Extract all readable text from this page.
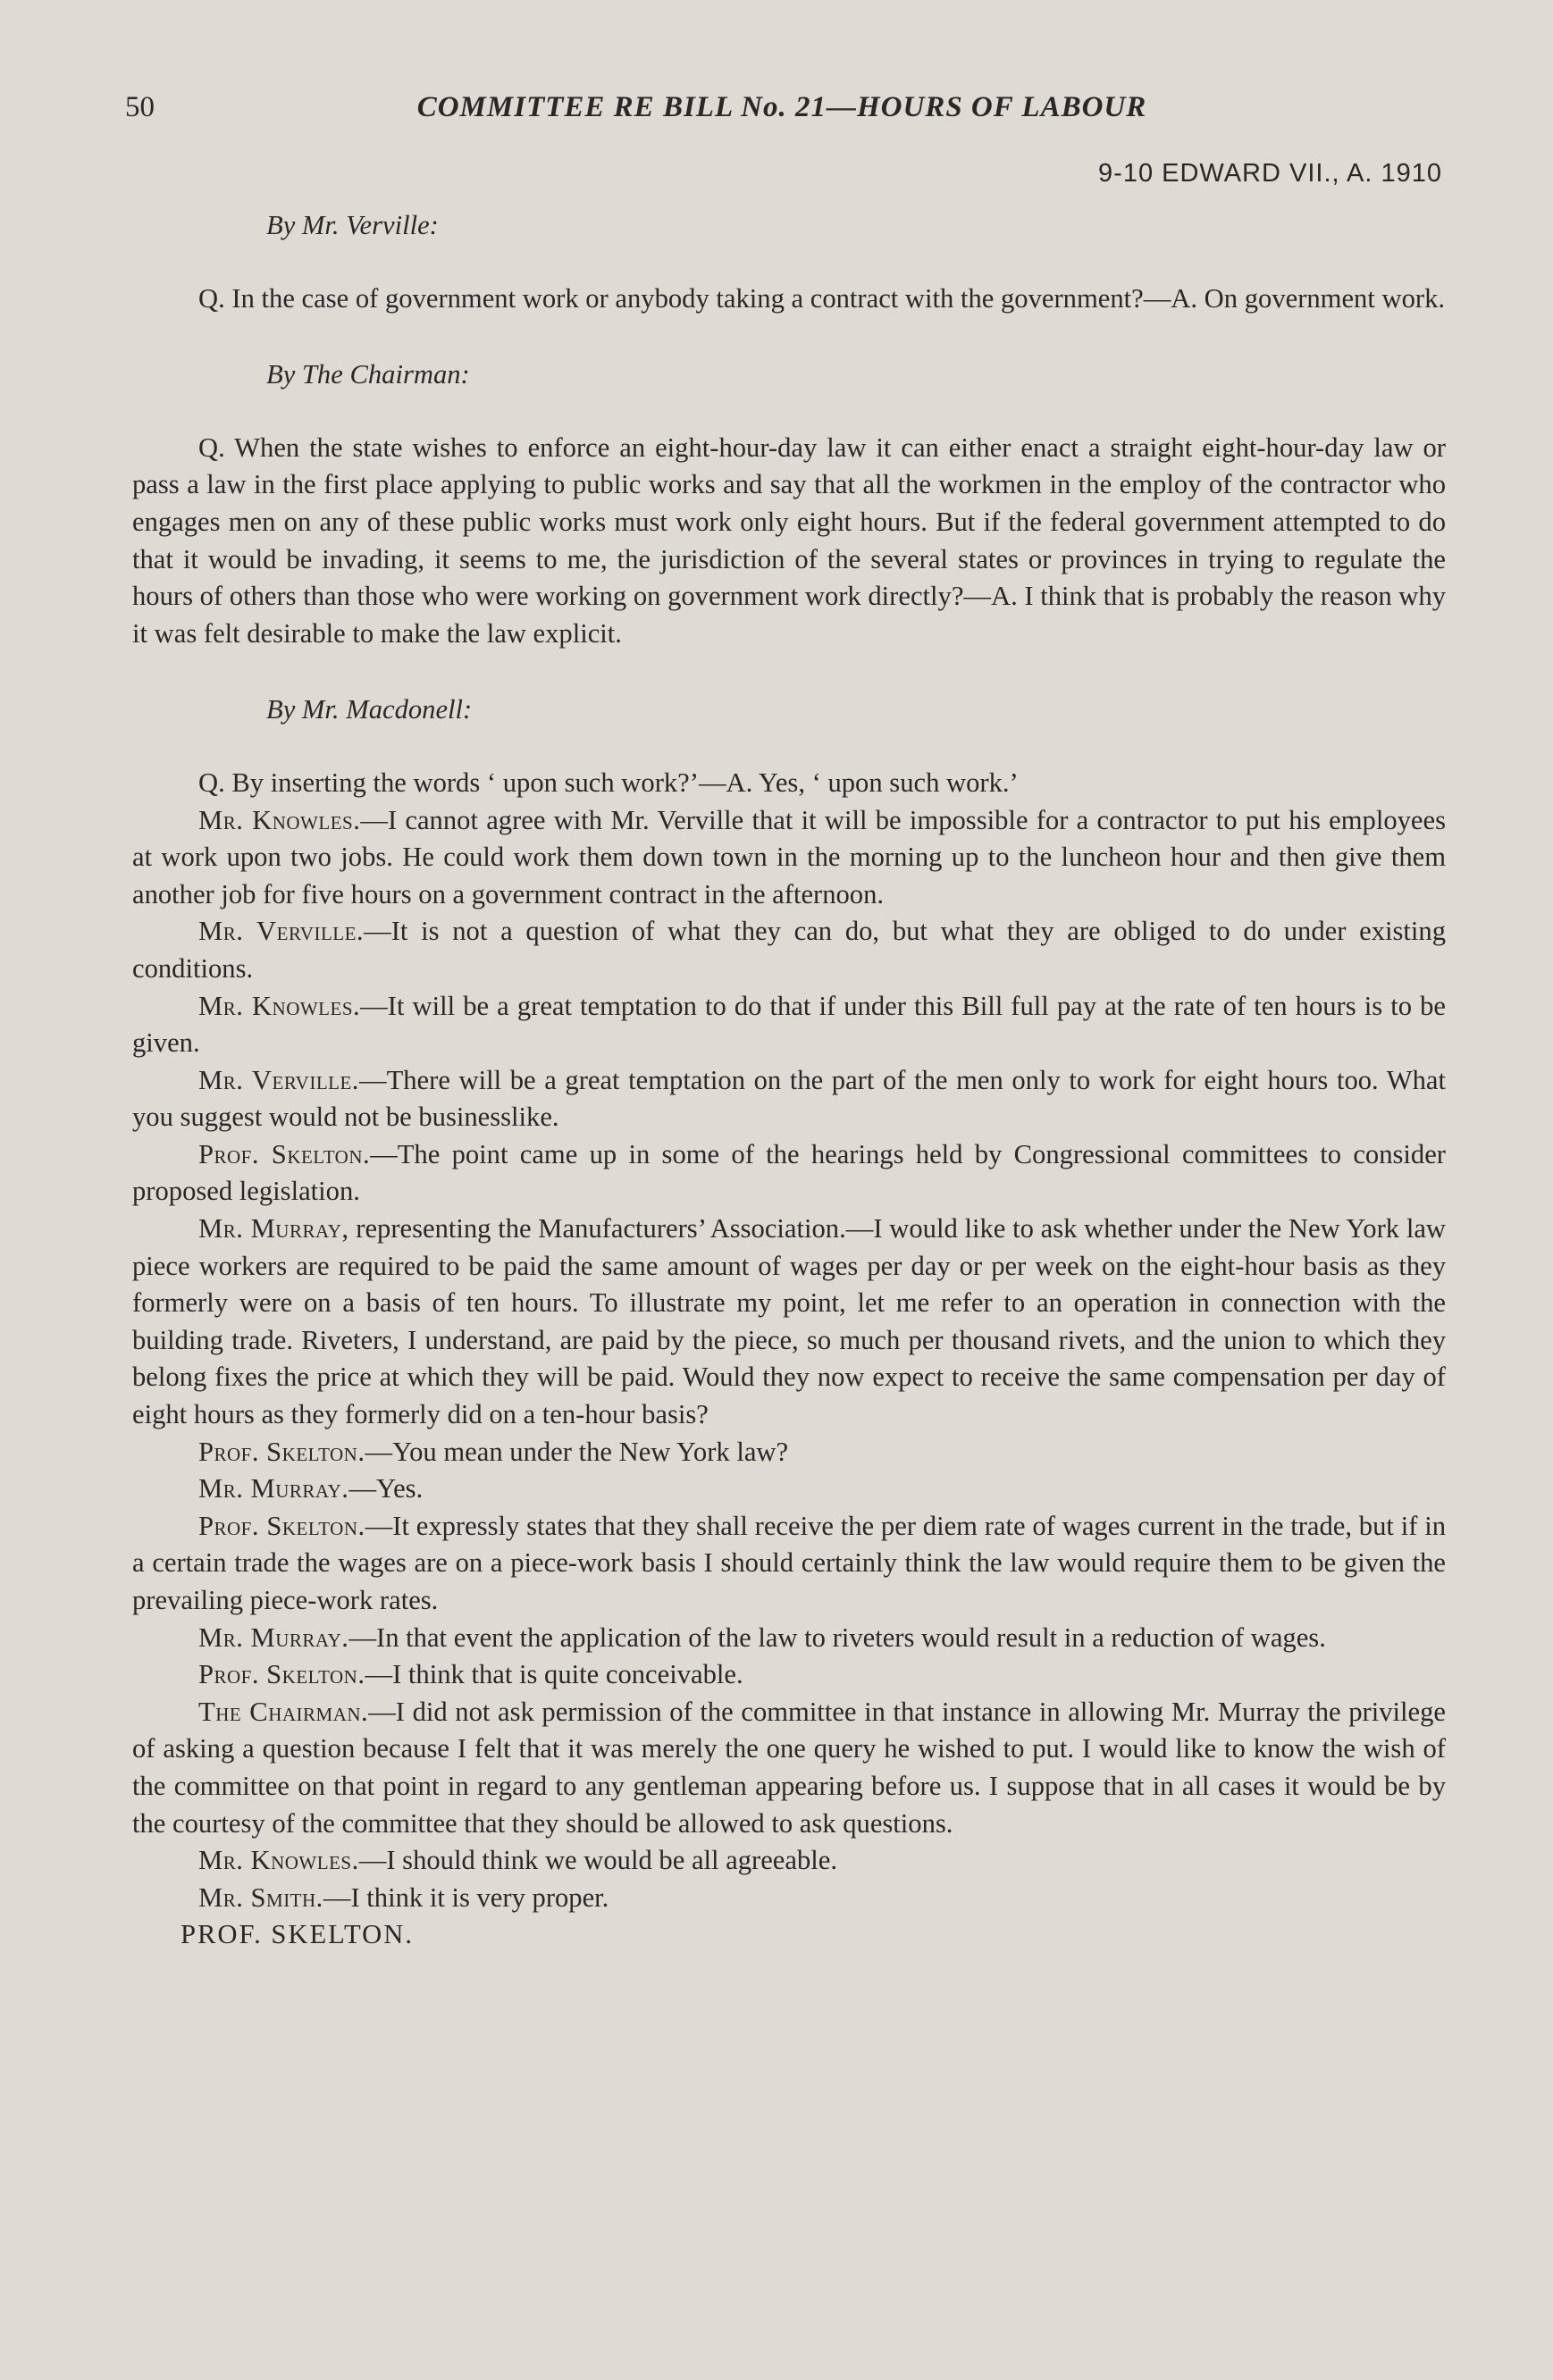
50	COMMITTEE RE BILL No. 21—HOURS OF LABOUR
9-10 EDWARD VII., A. 1910
By Mr. Verville:

Q. In the case of government work or anybody taking a contract with the government?—A. On government work.

By The Chairman:

Q. When the state wishes to enforce an eight-hour-day law it can either enact a straight eight-hour-day law or pass a law in the first place applying to public works and say that all the workmen in the employ of the contractor who engages men on any of these public works must work only eight hours. But if the federal government attempted to do that it would be invading, it seems to me, the jurisdiction of the several states or provinces in trying to regulate the hours of others than those who were working on government work directly?—A. I think that is probably the reason why it was felt desirable to make the law explicit.

By Mr. Macdonell:

Q. By inserting the words ‘ upon such work?’—A. Yes, ‘ upon such work.’

Mr. Knowles.—I cannot agree with Mr. Verville that it will be impossible for a contractor to put his employees at work upon two jobs. He could work them down town in the morning up to the luncheon hour and then give them another job for five hours on a government contract in the afternoon.

Mr. Verville.—It is not a question of what they can do, but what they are obliged to do under existing conditions.

Mr. Knowles.—It will be a great temptation to do that if under this Bill full pay at the rate of ten hours is to be given.

Mr. Verville.—There will be a great temptation on the part of the men only to work for eight hours too. What you suggest would not be businesslike.

Prof. Skelton.—The point came up in some of the hearings held by Congressional committees to consider proposed legislation.

Mr. Murray, representing the Manufacturers’ Association.—I would like to ask whether under the New York law piece workers are required to be paid the same amount of wages per day or per week on the eight-hour basis as they formerly were on a basis of ten hours. To illustrate my point, let me refer to an operation in connection with the building trade. Riveters, I understand, are paid by the piece, so much per thousand rivets, and the union to which they belong fixes the price at which they will be paid. Would they now expect to receive the same compensation per day of eight hours as they formerly did on a ten-hour basis?

Prof. Skelton.—You mean under the New York law?

Mr. Murray.—Yes.

Prof. Skelton.—It expressly states that they shall receive the per diem rate of wages current in the trade, but if in a certain trade the wages are on a piece-work basis I should certainly think the law would require them to be given the prevailing piece-work rates.

Mr. Murray.—In that event the application of the law to riveters would result in a reduction of wages.

Prof. Skelton.—I think that is quite conceivable.

The Chairman.—I did not ask permission of the committee in that instance in allowing Mr. Murray the privilege of asking a question because I felt that it was merely the one query he wished to put. I would like to know the wish of the committee on that point in regard to any gentleman appearing before us. I suppose that in all cases it would be by the courtesy of the committee that they should be allowed to ask questions.

Mr. Knowles.—I should think we would be all agreeable.

Mr. Smith.—I think it is very proper.

PROF. SKELTON.
